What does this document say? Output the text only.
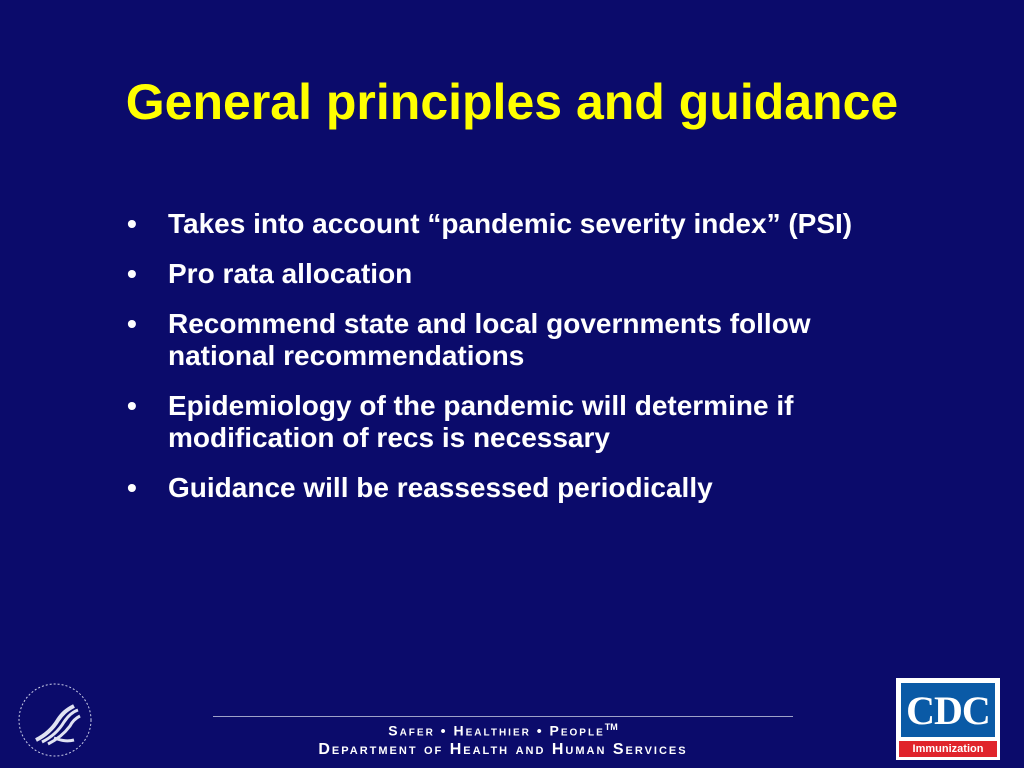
General principles and guidance
•	Takes into account “pandemic severity index” (PSI)
•	Pro rata allocation
•	Recommend state and local governments follow national recommendations
•	Epidemiology of the pandemic will determine if modification of recs is necessary
•	Guidance will be reassessed periodically
Safer • Healthier • People™
Department of Health and Human Services
CDC
Immunization
